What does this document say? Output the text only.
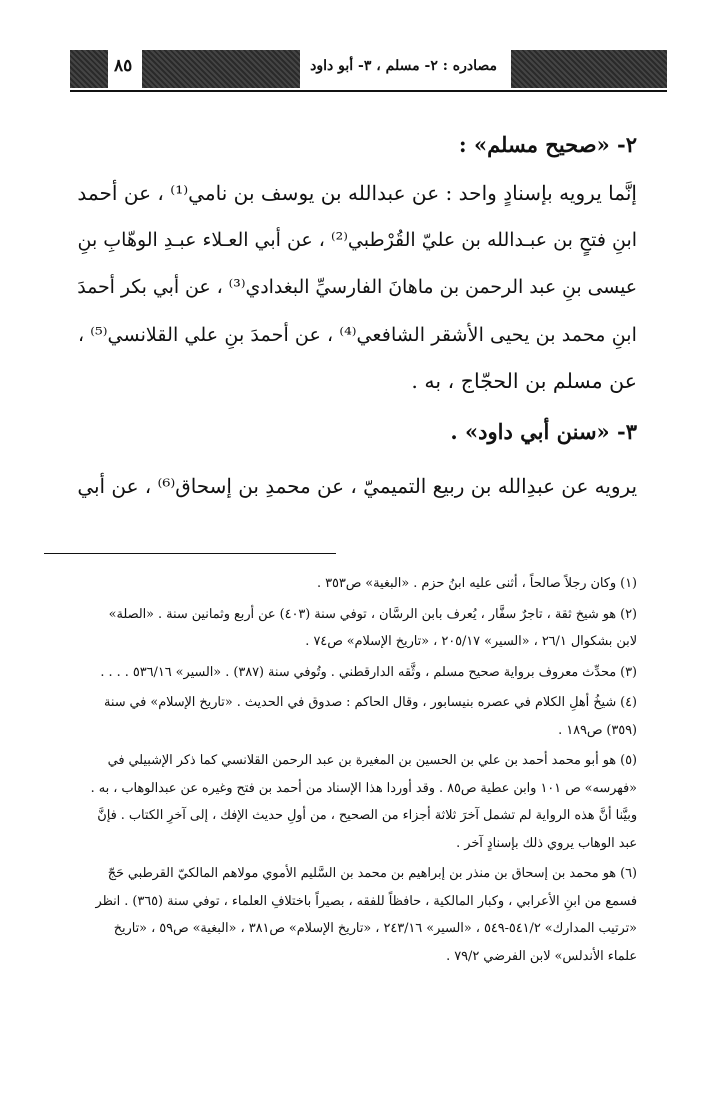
مصادره : ٢- مسلم ، ٣- أبو داود
٨٥

٢- «صحيح مسلم» :

إنَّما يرويه بإسنادٍ واحد : عن عبدالله بن يوسف بن نامي⁽¹⁾ ، عن أحمد
ابنِ فتحٍ بن عبـدالله بن عليّ القُرْطبي⁽²⁾ ، عن أبي العـلاء عبـدِ الوهّابِ بنِ
عيسى بنِ عبد الرحمن بن ماهانَ الفارسيِّ البغدادي⁽³⁾ ، عن أبي بكر أحمدَ
ابنِ محمد بن يحيى الأشقر الشافعي⁽⁴⁾ ، عن أحمدَ بنِ علي القلانسي⁽⁵⁾ ،
عن مسلم بن الحجّاج ، به .

٣- «سنن أبي داود» .

يرويه عن عبدِالله بن ربيع التميميّ ، عن محمدِ بن إسحاق⁽⁶⁾ ، عن أبي

(١) وكان رجلاً صالحاً ، أثنى عليه ابنُ حزم . «البغية» ص٣٥٣ .

(٢) هو شيخ ثقة ، تاجرٌ سفَّار ، يُعرف بابن الرسَّان ، توفي سنة (٤٠٣) عن أربع وثمانين سنة . «الصلة»
لابن بشكوال ٢٦/١ ، «السير» ٢٠٥/١٧ ، «تاريخ الإسلام» ص٧٤ .

(٣) محدِّث معروف برواية صحيح مسلم ، وثَّقه الدارقطني . وتُوفي سنة (٣٨٧) . «السير» ٥٣٦/١٦ . . . .

(٤) شيخُ أهلِ الكلام في عصره بنيسابور ، وقال الحاكم : صدوق في الحديث . «تاريخ الإسلام» في سنة
(٣٥٩) ص١٨٩ .

(٥) هو أبو محمد أحمد بن علي بن الحسين بن المغيرة بن عبد الرحمن القلانسي كما ذكر الإشبيلي في
«فهرسه» ص ١٠١ وابن عطية ص٨٥ . وقد أوردا هذا الإسناد من أحمد بن فتح وغيره عن عبدالوهاب ، به .
وبيَّنا أنَّ هذه الرواية لم تشمل آخرَ ثلاثة أجزاء من الصحيح ، من أولِ حديث الإفك ، إلى آخرِ الكتاب . فإنَّ
عبد الوهاب يروي ذلك بإسنادٍ آخر .

(٦) هو محمد بن إسحاق بن منذر بن إبراهيم بن محمد بن السَّليم الأموي مولاهم المالكيّ القرطبي حَجّ
فسمع من ابنِ الأعرابي ، وكبار المالكية ، حافظاً للفقه ، بصيراً باختلافِ العلماء ، توفي سنة (٣٦٥) . انظر
«ترتيب المدارك» ٥٤١/٢-٥٤٩ ، «السير» ٢٤٣/١٦ ، «تاريخ الإسلام» ص٣٨١ ، «البغية» ص٥٩ ، «تاريخ
علماء الأندلس» لابن الفرضي ٧٩/٢ .
